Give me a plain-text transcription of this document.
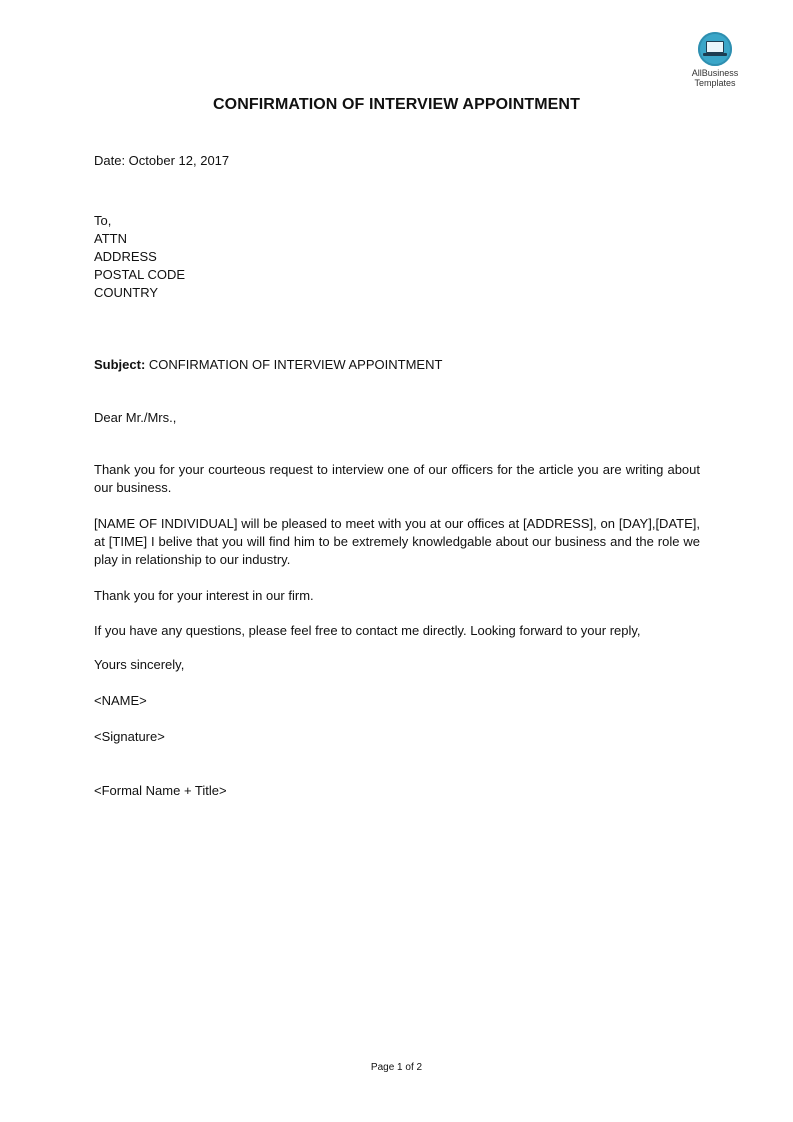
AllBusiness
Templates
CONFIRMATION OF INTERVIEW APPOINTMENT
Date: October 12, 2017
To,
ATTN
ADDRESS
POSTAL CODE
COUNTRY
Subject: CONFIRMATION OF INTERVIEW APPOINTMENT
Dear Mr./Mrs.,
Thank you for your courteous request to interview one of our officers for the article you are writing about our business.
[NAME OF INDIVIDUAL] will be pleased to meet with you at our offices at [ADDRESS], on [DAY],[DATE], at [TIME] I belive that you will find him to be extremely knowledgable about our business and the role we play in relationship to our industry.
Thank you for your interest in our firm.
If you have any questions, please feel free to contact me directly. Looking forward to your reply,
Yours sincerely,
<NAME>
<Signature>
<Formal Name + Title>
Page 1 of 2
